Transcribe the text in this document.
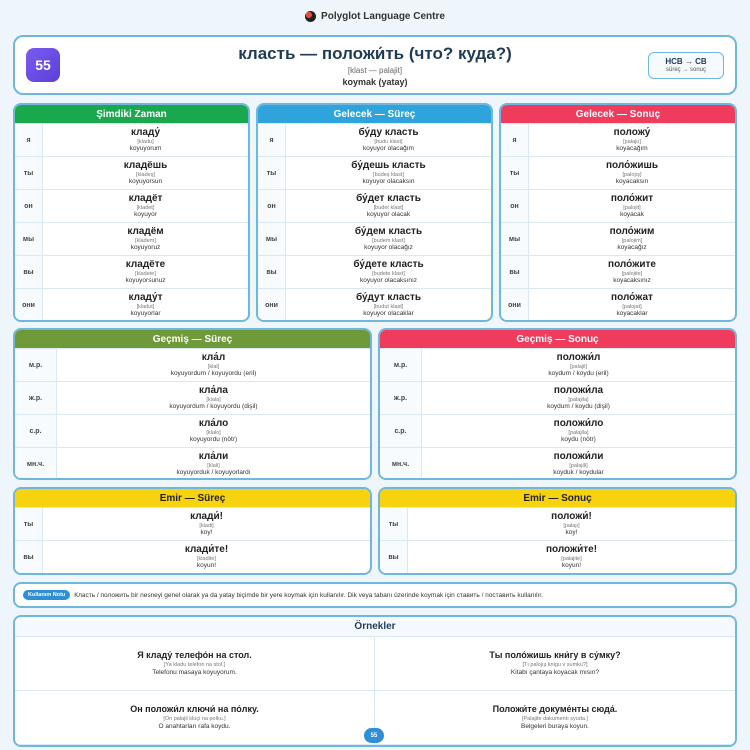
Polyglot Language Centre
55
класть — положи́ть (что? куда?)
[klast — palajit]
koymak (yatay)
НСВ → СВ
süreç → sonuç
Şimdiki Zaman
я
кладу́
[kladu]
koyuyorum
ты
кладёшь
[kladeş]
koyuyorsun
он
кладёт
[kladet]
koyuyor
мы
кладём
[kladem]
koyuyoruz
вы
кладёте
[kladete]
koyuyorsunuz
они
кладу́т
[kladut]
koyuyorlar
Gelecek — Süreç
я
бу́ду класть
[budu klast]
koyuyor olacağım
ты
бу́дешь класть
[budeş klast]
koyuyor olacaksın
он
бу́дет класть
[budet klast]
koyuyor olacak
мы
бу́дем класть
[budem klast]
koyuyor olacağız
вы
бу́дете класть
[budete klast]
koyuyor olacaksınız
они
бу́дут класть
[budut klast]
koyuyor olacaklar
Gelecek — Sonuç
я
положу́
[palaju]
koyacağım
ты
поло́жишь
[palojış]
koyacaksın
он
поло́жит
[palojit]
koyacak
мы
поло́жим
[palojim]
koyacağız
вы
поло́жите
[palojite]
koyacaksınız
они
поло́жат
[palojat]
koyacaklar
Geçmiş — Süreç
м.р.
кла́л
[klal]
koyuyordum / koyuyordu (eril)
ж.р.
кла́ла
[klala]
koyuyordum / koyuyordu (dişil)
с.р.
кла́ло
[klalo]
koyuyordu (nötr)
мн.ч.
кла́ли
[klali]
koyuyorduk / koyuyorlardı
Geçmiş — Sonuç
м.р.
положи́л
[palajil]
koydum / koydu (eril)
ж.р.
положи́ла
[palajila]
koydum / koydu (dişil)
с.р.
положи́ло
[palajila]
koydu (nötr)
мн.ч.
положи́ли
[palajili]
koyduk / koydular
Emir — Süreç
ты
клади́!
[kladi]
koy!
вы
клади́те!
[kladite]
koyun!
Emir — Sonuç
ты
положи́!
[palajı]
koy!
вы
положи́те!
[palajite]
koyun!
Kullanım Notu	Класть / положить bir nesneyi genel olarak ya da yatay biçimde bir yere koymak için kullanılır. Dik veya tabanı üzerinde koymak için ставить / поставить kullanılır.
Örnekler
Я кладу́ телефо́н на стол.
[Ya kladu telefon na stol.]
Telefonu masaya koyuyorum.
Ты поло́жишь кни́гу в су́мку?
[Tı palojış knigu v sumku?]
Kitabı çantaya koyacak mısın?
Он положи́л ключи́ на по́лку.
[On palajil kluçi na polku.]
O anahtarları rafa koydu.
Положи́те докуме́нты сюда́.
[Palajite dakumentı syuda.]
Belgeleri buraya koyun.
55
